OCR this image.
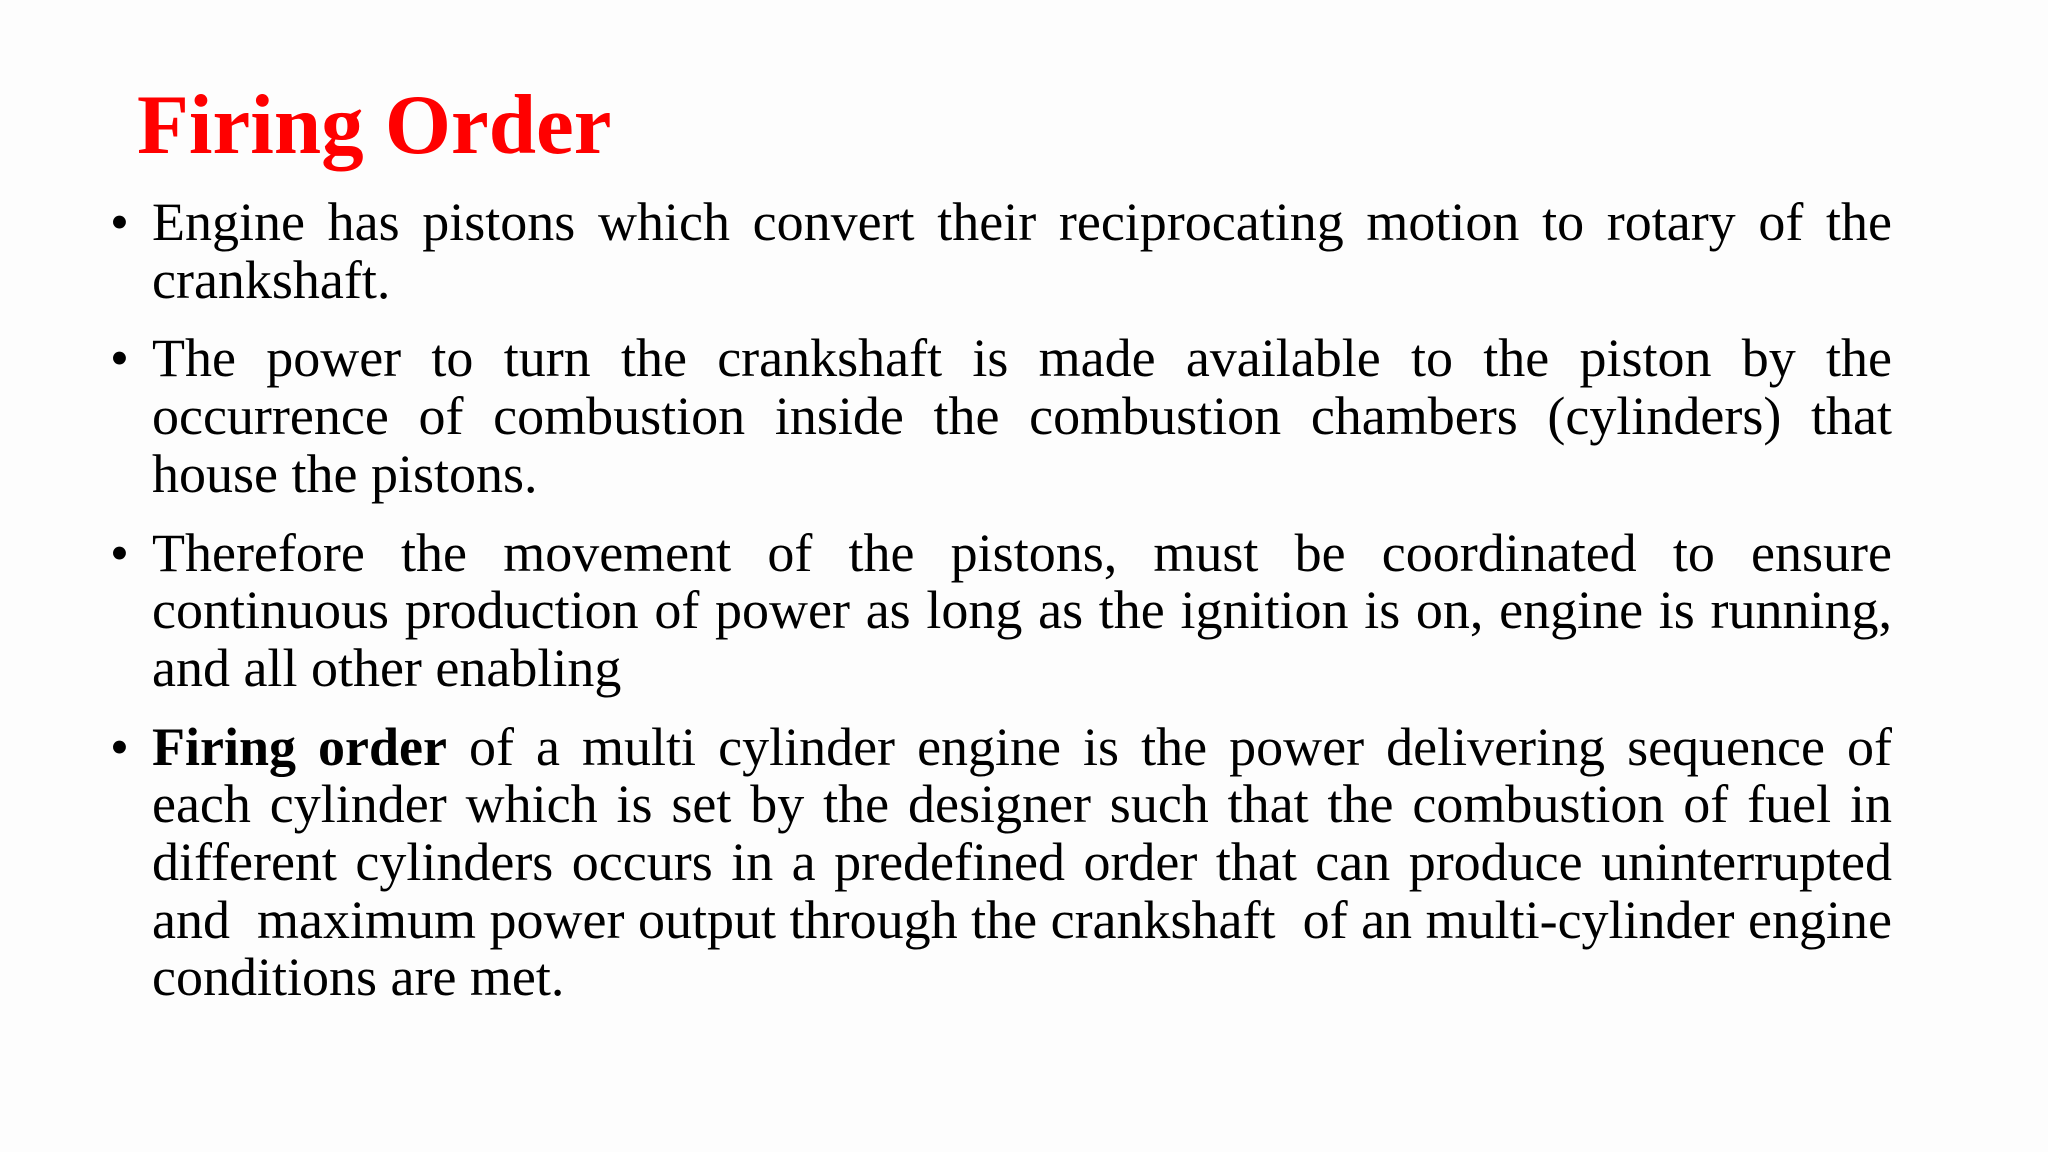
Firing Order
• Engine has pistons which convert their reciprocating motion to rotary of the crankshaft.
• The power to turn the crankshaft is made available to the piston by the occurrence of combustion inside the combustion chambers (cylinders) that house the pistons.
• Therefore the movement of the pistons, must be coordinated to ensure continuous production of power as long as the ignition is on, engine is running, and all other enabling
• Firing order of a multi cylinder engine is the power delivering sequence of each cylinder which is set by the designer such that the combustion of fuel in different cylinders occurs in a predefined order that can produce uninterrupted and  maximum power output through the crankshaft  of an multi-cylinder engine conditions are met.
